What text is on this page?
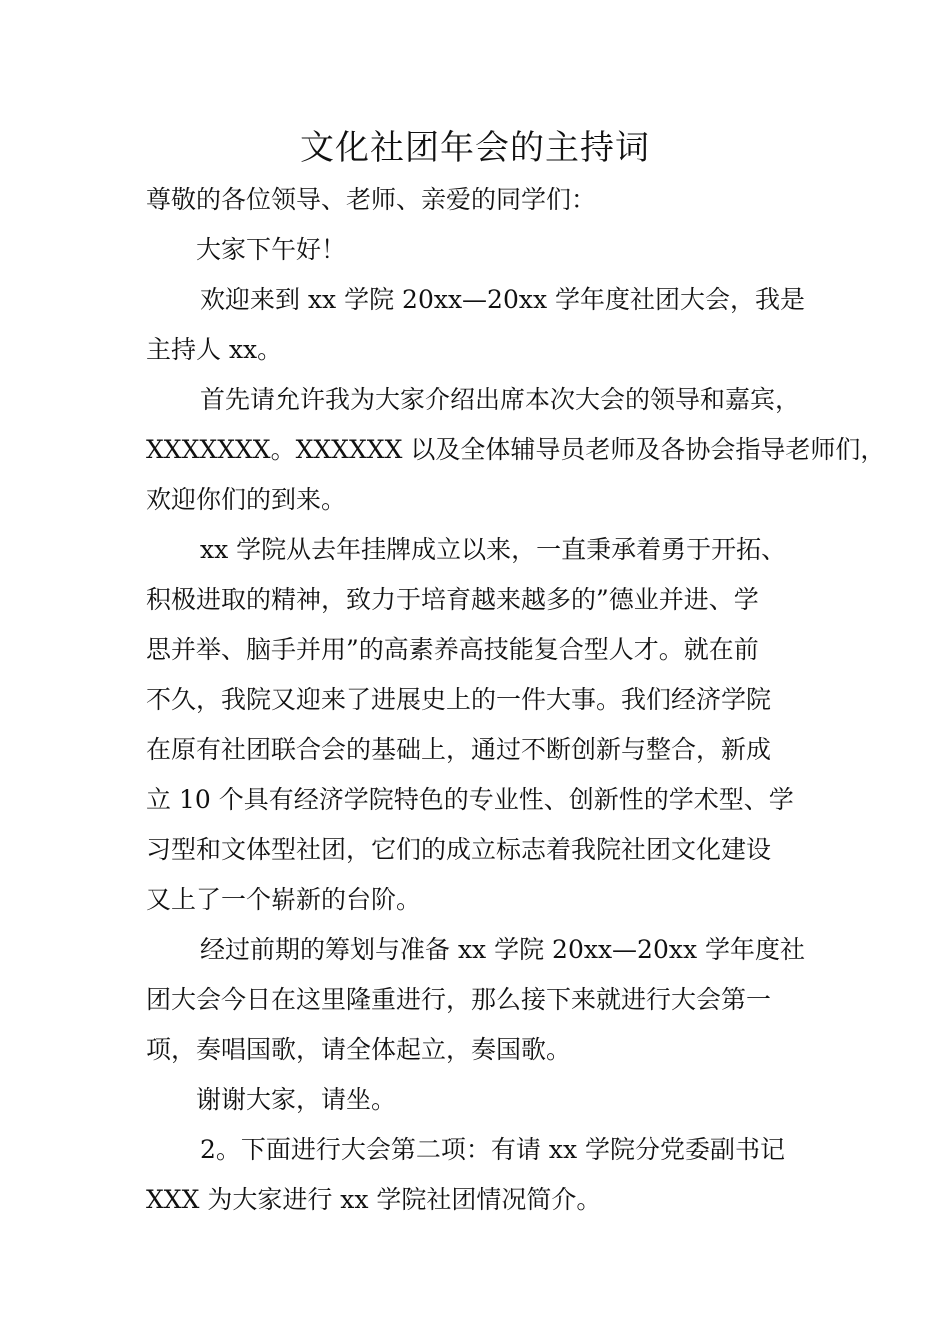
文化社团年会的主持词

尊敬的各位领导、老师、亲爱的同学们：

大家下午好！

欢迎来到 xx 学院 20xx—20xx 学年度社团大会，我是

主持人 xx。

首先请允许我为大家介绍出席本次大会的领导和嘉宾，

XXXXXXX。XXXXXX 以及全体辅导员老师及各协会指导老师们，

欢迎你们的到来。

xx 学院从去年挂牌成立以来，一直秉承着勇于开拓、

积极进取的精神，致力于培育越来越多的”德业并进、学

思并举、脑手并用”的高素养高技能复合型人才。就在前

不久，我院又迎来了进展史上的一件大事。我们经济学院

在原有社团联合会的基础上，通过不断创新与整合，新成

立 10 个具有经济学院特色的专业性、创新性的学术型、学

习型和文体型社团，它们的成立标志着我院社团文化建设

又上了一个崭新的台阶。

经过前期的筹划与准备 xx 学院 20xx—20xx 学年度社

团大会今日在这里隆重进行，那么接下来就进行大会第一

项，奏唱国歌，请全体起立，奏国歌。

谢谢大家，请坐。

2。下面进行大会第二项：有请 xx 学院分党委副书记

XXX 为大家进行 xx 学院社团情况简介。
